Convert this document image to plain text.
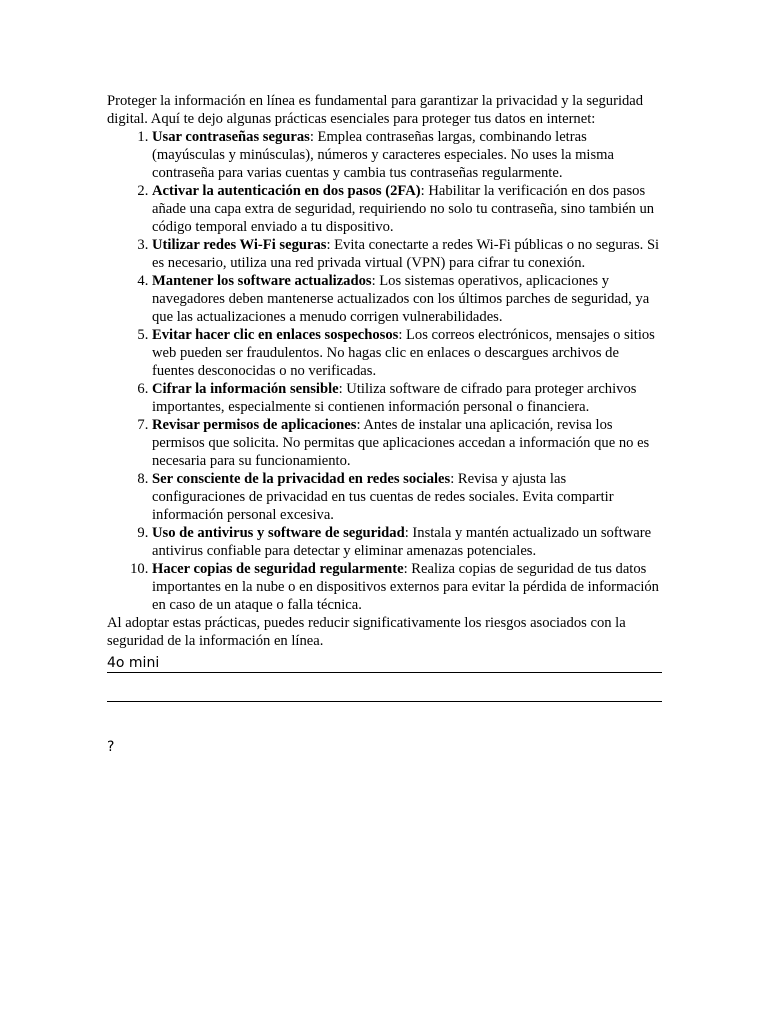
Proteger la información en línea es fundamental para garantizar la privacidad y la seguridad digital. Aquí te dejo algunas prácticas esenciales para proteger tus datos en internet:

1. Usar contraseñas seguras: Emplea contraseñas largas, combinando letras (mayúsculas y minúsculas), números y caracteres especiales. No uses la misma contraseña para varias cuentas y cambia tus contraseñas regularmente.
2. Activar la autenticación en dos pasos (2FA): Habilitar la verificación en dos pasos añade una capa extra de seguridad, requiriendo no solo tu contraseña, sino también un código temporal enviado a tu dispositivo.
3. Utilizar redes Wi-Fi seguras: Evita conectarte a redes Wi-Fi públicas o no seguras. Si es necesario, utiliza una red privada virtual (VPN) para cifrar tu conexión.
4. Mantener los software actualizados: Los sistemas operativos, aplicaciones y navegadores deben mantenerse actualizados con los últimos parches de seguridad, ya que las actualizaciones a menudo corrigen vulnerabilidades.
5. Evitar hacer clic en enlaces sospechosos: Los correos electrónicos, mensajes o sitios web pueden ser fraudulentos. No hagas clic en enlaces o descargues archivos de fuentes desconocidas o no verificadas.
6. Cifrar la información sensible: Utiliza software de cifrado para proteger archivos importantes, especialmente si contienen información personal o financiera.
7. Revisar permisos de aplicaciones: Antes de instalar una aplicación, revisa los permisos que solicita. No permitas que aplicaciones accedan a información que no es necesaria para su funcionamiento.
8. Ser consciente de la privacidad en redes sociales: Revisa y ajusta las configuraciones de privacidad en tus cuentas de redes sociales. Evita compartir información personal excesiva.
9. Uso de antivirus y software de seguridad: Instala y mantén actualizado un software antivirus confiable para detectar y eliminar amenazas potenciales.
10. Hacer copias de seguridad regularmente: Realiza copias de seguridad de tus datos importantes en la nube o en dispositivos externos para evitar la pérdida de información en caso de un ataque o falla técnica.

Al adoptar estas prácticas, puedes reducir significativamente los riesgos asociados con la seguridad de la información en línea.

4o mini
?
